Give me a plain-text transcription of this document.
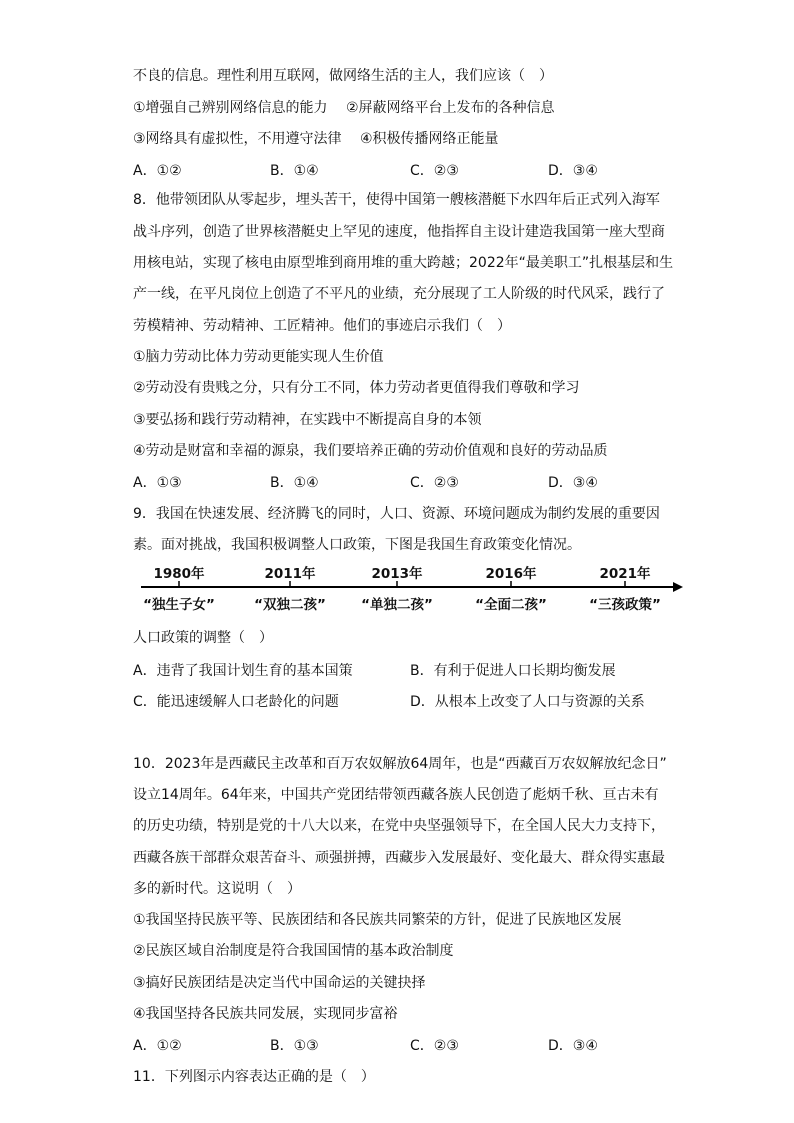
不良的信息。理性利用互联网，做网络生活的主人，我们应该（　）
①增强自己辨别网络信息的能力　 ②屏蔽网络平台上发布的各种信息
③网络具有虚拟性，不用遵守法律　 ④积极传播网络正能量
8．他带领团队从零起步，埋头苦干，使得中国第一艘核潜艇下水四年后正式列入海军
战斗序列，创造了世界核潜艇史上罕见的速度，他指挥自主设计建造我国第一座大型商
用核电站，实现了核电由原型堆到商用堆的重大跨越；2022年“最美职工”扎根基层和生
产一线，在平凡岗位上创造了不平凡的业绩，充分展现了工人阶级的时代风采，践行了
劳模精神、劳动精神、工匠精神。他们的事迹启示我们（　）
①脑力劳动比体力劳动更能实现人生价值
②劳动没有贵贱之分，只有分工不同，体力劳动者更值得我们尊敬和学习
③要弘扬和践行劳动精神，在实践中不断提高自身的本领
④劳动是财富和幸福的源泉，我们要培养正确的劳动价值观和良好的劳动品质
9．我国在快速发展、经济腾飞的同时，人口、资源、环境问题成为制约发展的重要因
素。面对挑战，我国积极调整人口政策，下图是我国生育政策变化情况。
人口政策的调整（　）
10．2023年是西藏民主改革和百万农奴解放64周年，也是“西藏百万农奴解放纪念日”
设立14周年。64年来，中国共产党团结带领西藏各族人民创造了彪炳千秋、亘古未有
的历史功绩，特别是党的十八大以来，在党中央坚强领导下，在全国人民大力支持下，
西藏各族干部群众艰苦奋斗、顽强拼搏，西藏步入发展最好、变化最大、群众得实惠最
多的新时代。这说明（　）
①我国坚持民族平等、民族团结和各民族共同繁荣的方针，促进了民族地区发展
②民族区域自治制度是符合我国国情的基本政治制度
③搞好民族团结是决定当代中国命运的关键抉择
④我国坚持各民族共同发展，实现同步富裕
11．下列图示内容表达正确的是（　）
A．①②	B．①④	C．②③	D．③④
A．①③	B．①④	C．②③	D．③④
A．①②	B．①③	C．②③	D．③④
A．违背了我国计划生育的基本国策	B．有利于促进人口长期均衡发展
C．能迅速缓解人口老龄化的问题	D．从根本上改变了人口与资源的关系
1980年	2011年	2013年	2016年	2021年
“独生子女”	“双独二孩”	“单独二孩”	“全面二孩”	“三孩政策”
